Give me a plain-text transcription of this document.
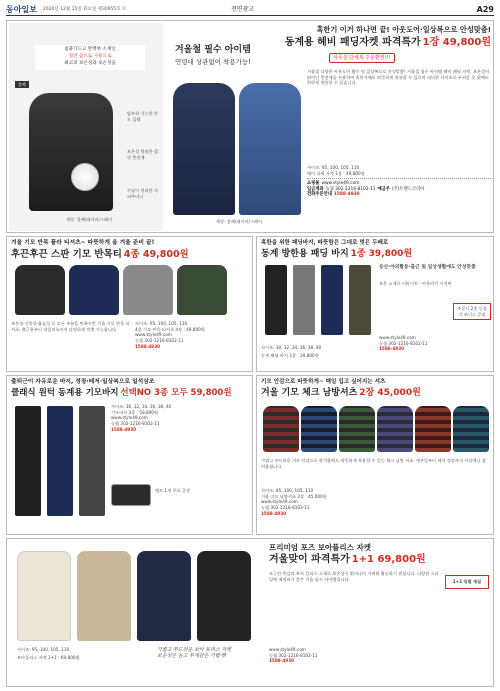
동아일보 2020년 12월 15일 화요일 제30955호 ⓓ	전면광고	A29
침풀가드고 완벽한 소재인
절연 솜으로 사용으로
최고의 보온성과 보온성을
블랙
탈부착 가능한 후드 일체
보온성 탁월한 절연 충전재
수납이 편리한 지퍼주머니
색상: 블랙/네이비/그레이
겨울철 필수 아이템
연령대 상관없이 착용가능!
색상: 블랙/네이비/그레이
혹한기 이거 하나면 끝! 아웃도어·일상복으로 안성맞춤!
동계용 헤비 패딩자켓 파격특가 1장 49,800원
사무실·단체복 주문환영!!!
겨울철 다양한 아웃도어 활동 및 일상복으로 안성맞춤! 겨울철 필수 아이템 헤비 패딩 자켓. 보온성이 뛰어난 충전재를 사용하여 혹한기에도 따뜻하게 착용할 수 있으며 넉넉한 사이즈로 두꺼운 옷 위에도 편하게 착용할 수 있습니다.
사이즈: 95, 100, 105, 110
에어 파워 자켓 1장 : 49,800원
쇼핑몰 www.style49.com
입금계좌 농협 302-1216-8102-11 예금주 (주)트렌드코리아
전화주문안내 1588-4930
겨울 기모 반목 플라 티셔츠~ 따뜻하게 올 겨울 준비 끝!
후끈후끈 스판 기모 반목티 4종 49,800원
보온성·신축성·흡습성 등 모든 부분을 만족시킨 겨울 기모 반목 티셔츠. 출근용부터 데일리룩까지 다양하게 연출 가능합니다.
사이즈: 95, 100, 105, 110
4종 기모 반목 티셔츠 4장 : 49,800원
www.style49.com
농협 302-1216-8102-11
1588-4930
혹한을 위한 패딩바지, 따뜻함은 그대로 멋은 두배로
동계 방한용 패딩 바지 1종 39,800원
등산·야외활동·출근 및 일상생활에도 안성맞춤
보온 소재로 이라이트 · 아웃라인 사전판
주문시 2종 동절기 보너스 증정
www.style49.com
농협 302-1216-8102-11
1588-4930
사이즈: 30, 32, 34, 36, 38, 40
동계 패딩 바지 1종 : 39,800원
출퇴근이 자유로운 바지, 정장·레저·일상복으로 일석삼조
클래식 원턱 동계용 기모바지 선택NO 3종 모두 59,800원
벨트 1개 무료 증정
사이즈: 30, 32, 34, 36, 38, 40
기모바지 3종 : 59,800원
www.style49.com
농협 302-1216-8102-11
1588-4930
기모 안감으로 따뜻하게~ 매일 입고 싶어지는 셔츠
겨울 기모 체크 남방셔츠 2장 45,000원
가볍고 부드러운 기모 안감으로 한겨울에도 따뜻하게 착용할 수 있는 체크 남방 셔츠. 캐주얼부터 세미 정장까지 어디에나 잘 어울립니다.
사이즈: 95, 100, 105, 110
겨울 기모 남방셔츠 2장 : 45,000원
www.style49.com
농협 302-1216-8102-11
1588-4930
프리미엄 포즈 보아플리스 자켓
겨울맞이 파격특가 1+1 69,800원
사이즈: 95, 100, 105, 110
보아플리스 자켓 1+1 : 69,800원
가볍고 부드러운 보아 플리스 자켓
보온성은 높고 무게감은 가볍게!
포근한 촉감의 보아 플리스 소재로 보온성이 뛰어나며 가벼워 활동하기 편합니다. 다양한 스타일에 매치하기 좋은 겨울 필수 아이템입니다.	1+1 특별 세일
www.style49.com
농협 302-1216-8102-11
1588-4930
